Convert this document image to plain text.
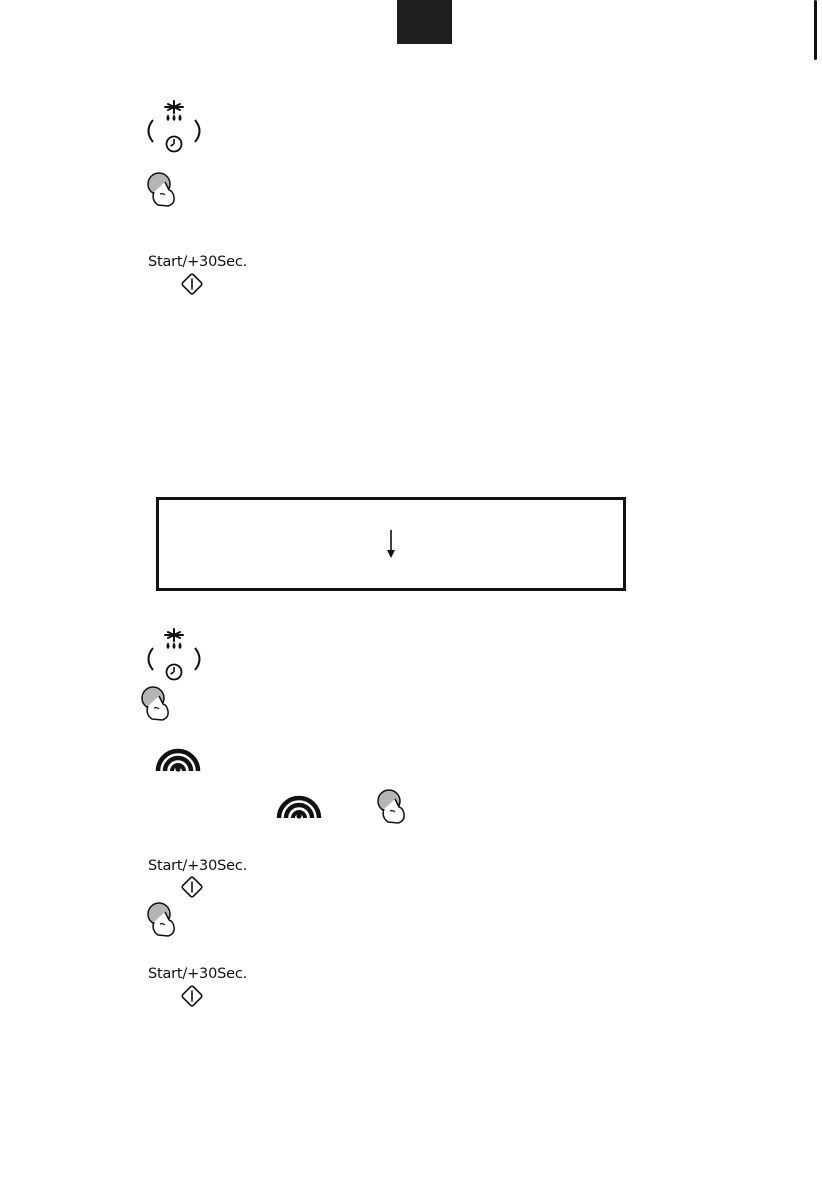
Start/+30Sec.
Start/+30Sec.
Start/+30Sec.
